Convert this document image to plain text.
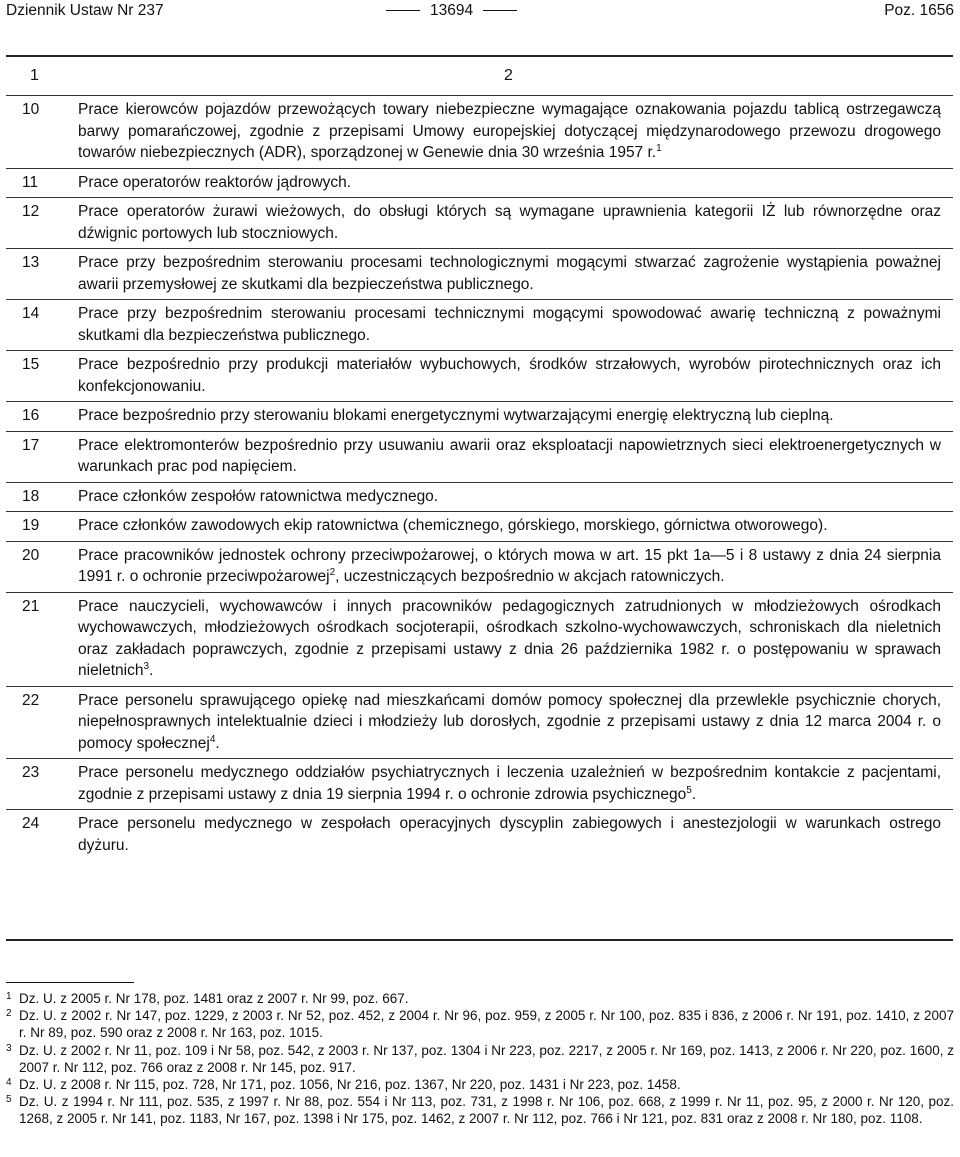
Dziennik Ustaw Nr 237	13694	Poz. 1656
1	2
10	Prace kierowców pojazdów przewożących towary niebezpieczne wymagające oznakowania pojazdu tablicą ostrzegawczą barwy pomarańczowej, zgodnie z przepisami Umowy europejskiej dotyczącej międzynarodowego przewozu drogowego towarów niebezpiecznych (ADR), sporządzonej w Genewie dnia 30 września 1957 r.$^1$
11	Prace operatorów reaktorów jądrowych.
12	Prace operatorów żurawi wieżowych, do obsługi których są wymagane uprawnienia kategorii IŻ lub równorzędne oraz dźwignic portowych lub stoczniowych.
13	Prace przy bezpośrednim sterowaniu procesami technologicznymi mogącymi stwarzać zagrożenie wystąpienia poważnej awarii przemysłowej ze skutkami dla bezpieczeństwa publicznego.
14	Prace przy bezpośrednim sterowaniu procesami technicznymi mogącymi spowodować awarię techniczną z poważnymi skutkami dla bezpieczeństwa publicznego.
15	Prace bezpośrednio przy produkcji materiałów wybuchowych, środków strzałowych, wyrobów pirotechnicznych oraz ich konfekcjonowaniu.
16	Prace bezpośrednio przy sterowaniu blokami energetycznymi wytwarzającymi energię elektryczną lub cieplną.
17	Prace elektromonterów bezpośrednio przy usuwaniu awarii oraz eksploatacji napowietrznych sieci elektroenergetycznych w warunkach prac pod napięciem.
18	Prace członków zespołów ratownictwa medycznego.
19	Prace członków zawodowych ekip ratownictwa (chemicznego, górskiego, morskiego, górnictwa otworowego).
20	Prace pracowników jednostek ochrony przeciwpożarowej, o których mowa w art. 15 pkt 1a—5 i 8 ustawy z dnia 24 sierpnia 1991 r. o ochronie przeciwpożarowej$^2$, uczestniczących bezpośrednio w akcjach ratowniczych.
21	Prace nauczycieli, wychowawców i innych pracowników pedagogicznych zatrudnionych w młodzieżowych ośrodkach wychowawczych, młodzieżowych ośrodkach socjoterapii, ośrodkach szkolno-wychowawczych, schroniskach dla nieletnich oraz zakładach poprawczych, zgodnie z przepisami ustawy z dnia 26 października 1982 r. o postępowaniu w sprawach nieletnich$^3$.
22	Prace personelu sprawującego opiekę nad mieszkańcami domów pomocy społecznej dla przewlekle psychicznie chorych, niepełnosprawnych intelektualnie dzieci i młodzieży lub dorosłych, zgodnie z przepisami ustawy z dnia 12 marca 2004 r. o pomocy społecznej$^4$.
23	Prace personelu medycznego oddziałów psychiatrycznych i leczenia uzależnień w bezpośrednim kontakcie z pacjentami, zgodnie z przepisami ustawy z dnia 19 sierpnia 1994 r. o ochronie zdrowia psychicznego$^5$.
24	Prace personelu medycznego w zespołach operacyjnych dyscyplin zabiegowych i anestezjologii w warunkach ostrego dyżuru.
1 Dz. U. z 2005 r. Nr 178, poz. 1481 oraz z 2007 r. Nr 99, poz. 667.
2 Dz. U. z 2002 r. Nr 147, poz. 1229, z 2003 r. Nr 52, poz. 452, z 2004 r. Nr 96, poz. 959, z 2005 r. Nr 100, poz. 835 i 836, z 2006 r. Nr 191, poz. 1410, z 2007 r. Nr 89, poz. 590 oraz z 2008 r. Nr 163, poz. 1015.
3 Dz. U. z 2002 r. Nr 11, poz. 109 i Nr 58, poz. 542, z 2003 r. Nr 137, poz. 1304 i Nr 223, poz. 2217, z 2005 r. Nr 169, poz. 1413, z 2006 r. Nr 220, poz. 1600, z 2007 r. Nr 112, poz. 766 oraz z 2008 r. Nr 145, poz. 917.
4 Dz. U. z 2008 r. Nr 115, poz. 728, Nr 171, poz. 1056, Nr 216, poz. 1367, Nr 220, poz. 1431 i Nr 223, poz. 1458.
5 Dz. U. z 1994 r. Nr 111, poz. 535, z 1997 r. Nr 88, poz. 554 i Nr 113, poz. 731, z 1998 r. Nr 106, poz. 668, z 1999 r. Nr 11, poz. 95, z 2000 r. Nr 120, poz. 1268, z 2005 r. Nr 141, poz. 1183, Nr 167, poz. 1398 i Nr 175, poz. 1462, z 2007 r. Nr 112, poz. 766 i Nr 121, poz. 831 oraz z 2008 r. Nr 180, poz. 1108.
